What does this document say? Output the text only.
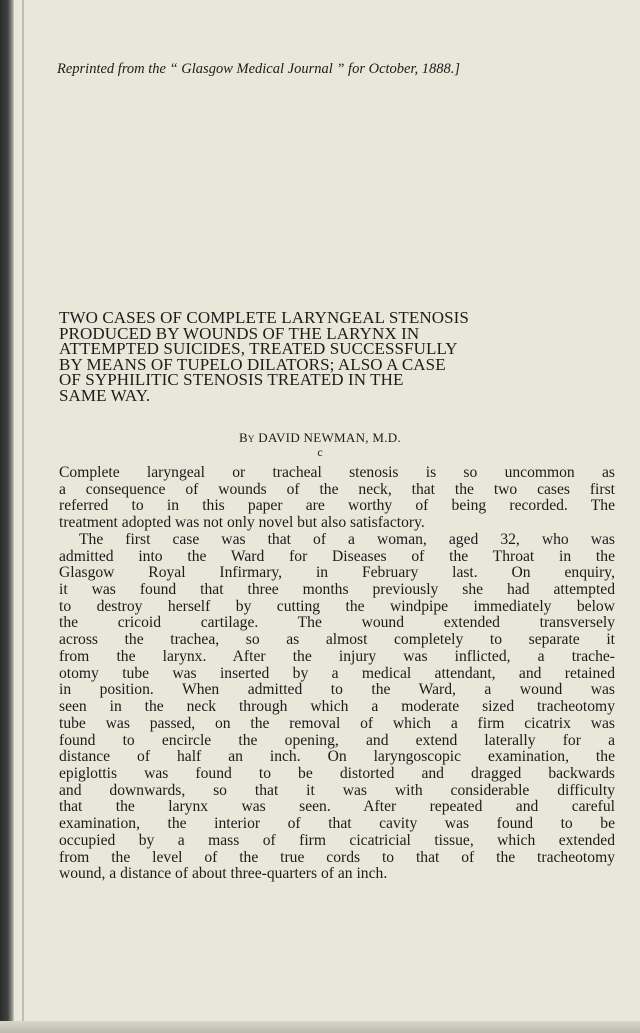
Reprinted from the “ Glasgow Medical Journal ” for October, 1888.]
TWO CASES OF COMPLETE LARYNGEAL STENOSIS
PRODUCED BY WOUNDS OF THE LARYNX IN
ATTEMPTED SUICIDES, TREATED SUCCESSFULLY
BY MEANS OF TUPELO DILATORS; ALSO A CASE
OF SYPHILITIC STENOSIS TREATED IN THE
SAME WAY.
By DAVID NEWMAN, M.D.
c
Complete laryngeal or tracheal stenosis is so uncommon as
a consequence of wounds of the neck, that the two cases first
referred to in this paper are worthy of being recorded. The
treatment adopted was not only novel but also satisfactory.
The first case was that of a woman, aged 32, who was
admitted into the Ward for Diseases of the Throat in the
Glasgow Royal Infirmary, in February last. On enquiry,
it was found that three months previously she had attempted
to destroy herself by cutting the windpipe immediately below
the cricoid cartilage. The wound extended transversely
across the trachea, so as almost completely to separate it
from the larynx. After the injury was inflicted, a trache-
otomy tube was inserted by a medical attendant, and retained
in position. When admitted to the Ward, a wound was
seen in the neck through which a moderate sized tracheotomy
tube was passed, on the removal of which a firm cicatrix was
found to encircle the opening, and extend laterally for a
distance of half an inch. On laryngoscopic examination, the
epiglottis was found to be distorted and dragged backwards
and downwards, so that it was with considerable difficulty
that the larynx was seen. After repeated and careful
examination, the interior of that cavity was found to be
occupied by a mass of firm cicatricial tissue, which extended
from the level of the true cords to that of the tracheotomy
wound, a distance of about three-quarters of an inch.
